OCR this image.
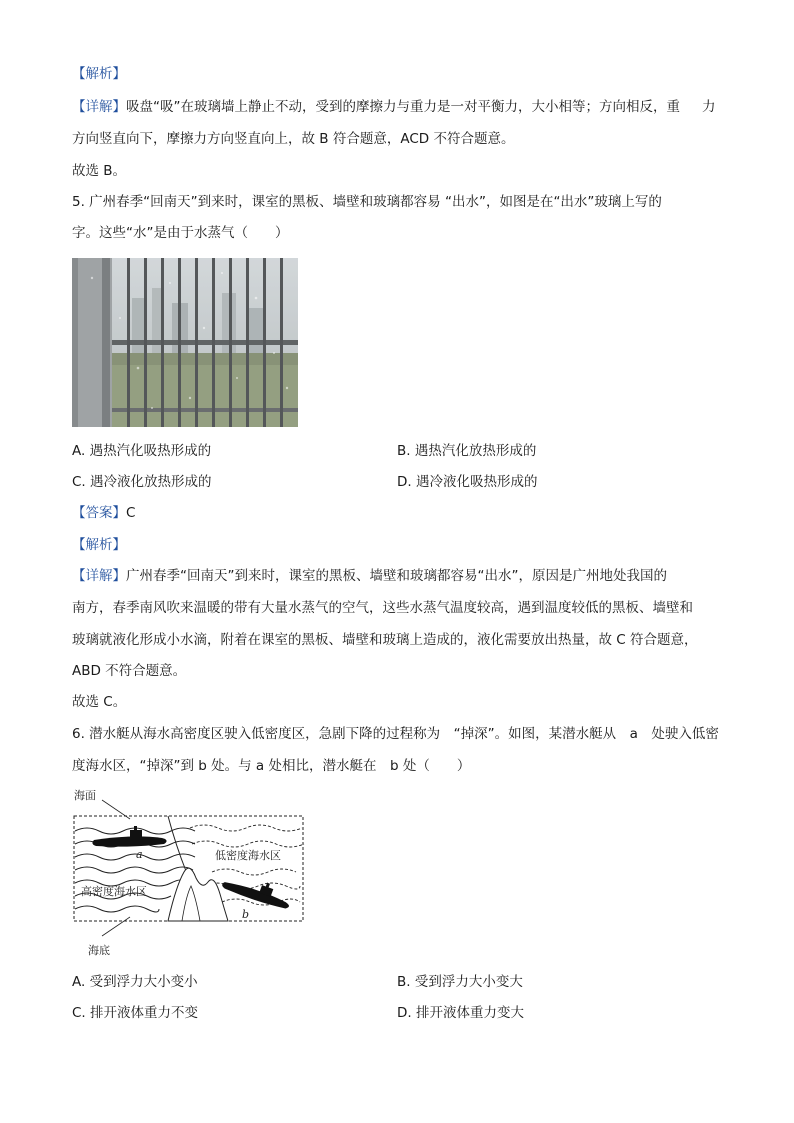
【解析】
【详解】吸盘“吸”在玻璃墙上静止不动，受到的摩擦力与重力是一对平衡力，大小相等；方向相反，重 力
方向竖直向下，摩擦力方向竖直向上，故 B 符合题意，ACD 不符合题意。
故选 B。
5. 广州春季“回南天”到来时，课室的黑板、墙壁和玻璃都容易 “出水”，如图是在“出水”玻璃上写的
字。这些“水”是由于水蒸气（　　）
A. 遇热汽化吸热形成的	B. 遇热汽化放热形成的
C. 遇冷液化放热形成的	D. 遇冷液化吸热形成的
【答案】C
【解析】
【详解】广州春季“回南天”到来时，课室的黑板、墙壁和玻璃都容易“出水”，原因是广州地处我国的
南方，春季南风吹来温暖的带有大量水蒸气的空气，这些水蒸气温度较高，遇到温度较低的黑板、墙壁和
玻璃就液化形成小水滴，附着在课室的黑板、墙壁和玻璃上造成的，液化需要放出热量，故 C 符合题意，
ABD 不符合题意。
故选 C。
6. 潜水艇从海水高密度区驶入低密度区，急剧下降的过程称为　“掉深”。如图，某潜水艇从　a　处驶入低密
度海水区，“掉深”到 b 处。与 a 处相比，潜水艇在　b 处（　　）
海面
海底
低密度海水区
高密度海水区
a
b
A. 受到浮力大小变小	B. 受到浮力大小变大
C. 排开液体重力不变	D. 排开液体重力变大
